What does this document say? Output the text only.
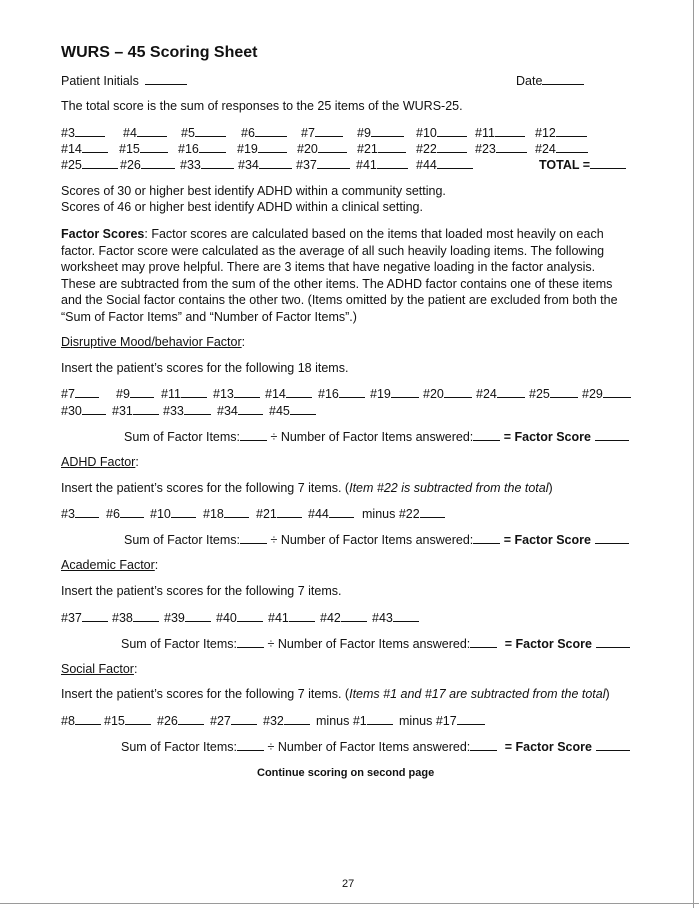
WURS – 45 Scoring Sheet
Patient Initials	Date
The total score is the sum of responses to the 25 items of the WURS-25.
#3	#4	#5	#6	#7	#9	#10	#11	#12
#14	#15	#16	#19	#20	#21	#22	#23	#24
#25	#26	#33	#34	#37	#41	#44	TOTAL =
Scores of 30 or higher best identify ADHD within a community setting.
Scores of 46 or higher best identify ADHD within a clinical setting.
Factor Scores: Factor scores are calculated based on the items that loaded most heavily on each
factor. Factor score were calculated as the average of all such heavily loading items. The following
worksheet may prove helpful. There are 3 items that have negative loading in the factor analysis.
These are subtracted from the sum of the other items. The ADHD factor contains one of these items
and the Social factor contains the other two. (Items omitted by the patient are excluded from both the
“Sum of Factor Items” and “Number of Factor Items”.)
Disruptive Mood/behavior Factor:
Insert the patient’s scores for the following 18 items.
#7	#9	#11	#13	#14	#16	#19	#20	#24	#25	#29
#30	#31	#33	#34	#45
Sum of Factor Items: ÷ Number of Factor Items answered: = Factor Score
ADHD Factor:
Insert the patient’s scores for the following 7 items. (Item #22 is subtracted from the total)
#3	#6	#10	#18	#21	#44	minus #22
Sum of Factor Items: ÷ Number of Factor Items answered: = Factor Score
Academic Factor:
Insert the patient’s scores for the following 7 items.
#37	#38	#39	#40	#41	#42	#43
Sum of Factor Items: ÷ Number of Factor Items answered:	= Factor Score
Social Factor:
Insert the patient’s scores for the following 7 items. (Items #1 and #17 are subtracted from the total)
#8	#15	#26	#27	#32	minus #1	minus #17
Sum of Factor Items: ÷ Number of Factor Items answered:	= Factor Score
Continue scoring on second page
27
